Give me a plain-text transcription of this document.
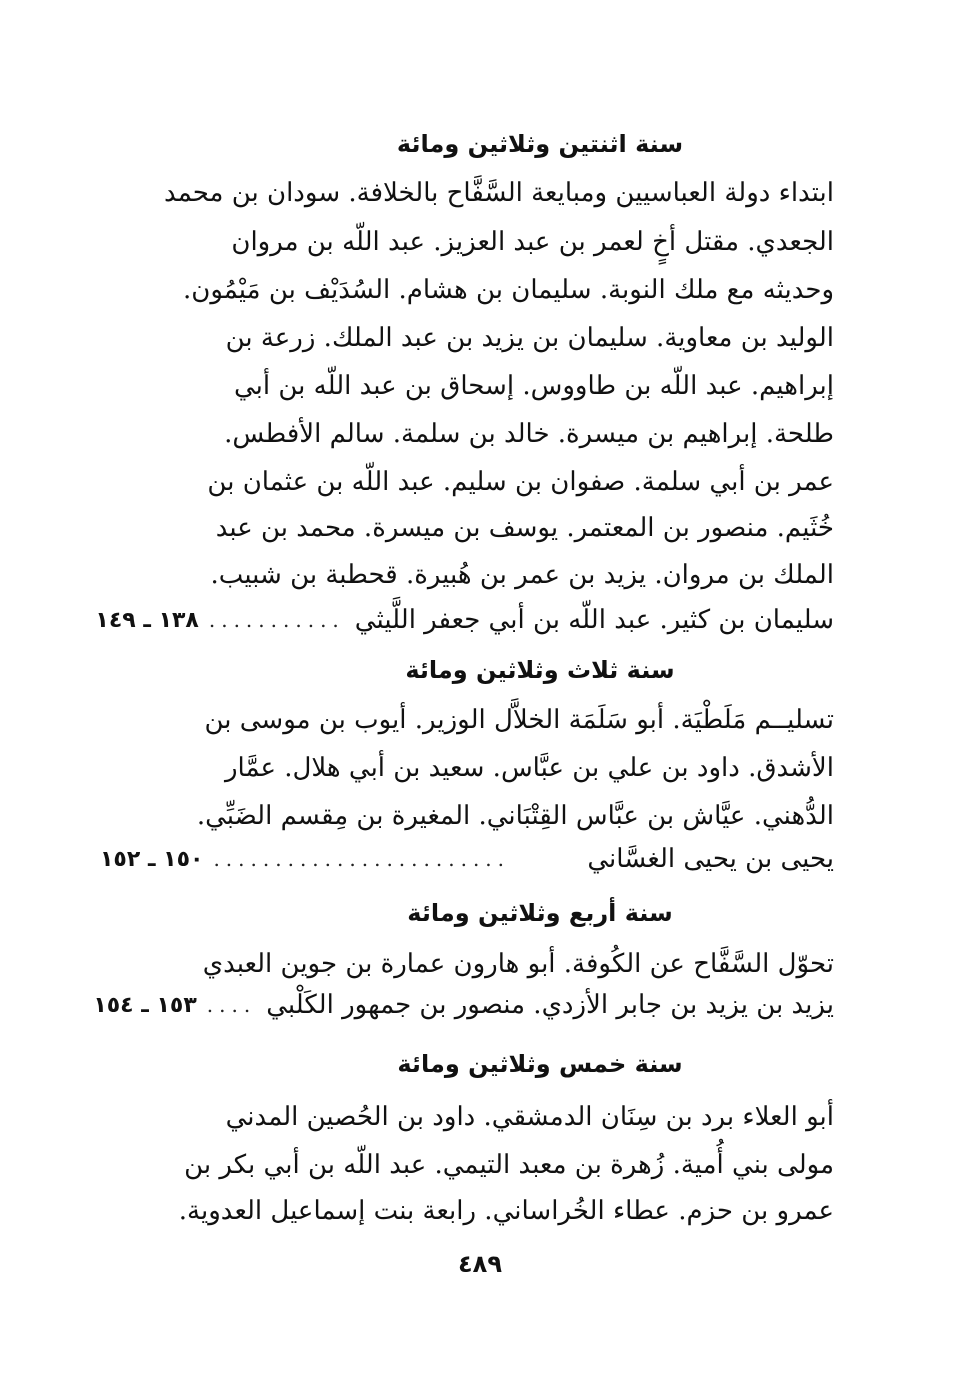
سنة اثنتين وثلاثين ومائة
ابتداء دولة العباسيين ومبايعة السَّفَّاح بالخلافة. سودان بن محمد
الجعدي. مقتل أخٍ لعمر بن عبد العزيز. عبد اللّه بن مروان
وحديثه مع ملك النوبة. سليمان بن هشام. السُدَيْف بن مَيْمُون.
الوليد بن معاوية. سليمان بن يزيد بن عبد الملك. زرعة بن
إبراهيم. عبد اللّه بن طاووس. إسحاق بن عبد اللّه بن أبي
طلحة. إبراهيم بن ميسرة. خالد بن سلمة. سالم الأفطس.
عمر بن أبي سلمة. صفوان بن سليم. عبد اللّه بن عثمان بن
خُثَيم. منصور بن المعتمر. يوسف بن ميسرة. محمد بن عبد
الملك بن مروان. يزيد بن عمر بن هُبيرة. قحطبة بن شبيب.
سليمان بن كثير. عبد اللّه بن أبي جعفر اللَّيثي
...........
١٣٨ ـ ١٤٩
سنة ثلاث وثلاثين ومائة
تسليــم مَلَطْيَة. أبو سَلَمَة الخلاَّل الوزير. أيوب بن موسى بن
الأشدق. داود بن علي بن عبَّاس. سعيد بن أبي هلال. عمَّار
الدُّهني. عيَّاش بن عبَّاس القِتْبَاني. المغيرة بن مِقسم الضَبِّي.
يحيى بن يحيى الغسَّاني
........................
١٥٠ ـ ١٥٢
سنة أربع وثلاثين ومائة
تحوّل السَّفَّاح عن الكُوفة. أبو هارون عمارة بن جوين العبدي
يزيد بن يزيد بن جابر الأزدي. منصور بن جمهور الكَلْبي
....
١٥٣ ـ ١٥٤
سنة خمس وثلاثين ومائة
أبو العلاء برد بن سِنَان الدمشقي. داود بن الحُصين المدني
مولى بني أُمية. زُهرة بن معبد التيمي. عبد اللّه بن أبي بكر بن
عمرو بن حزم. عطاء الخُراساني. رابعة بنت إسماعيل العدوية.
٤٨٩
